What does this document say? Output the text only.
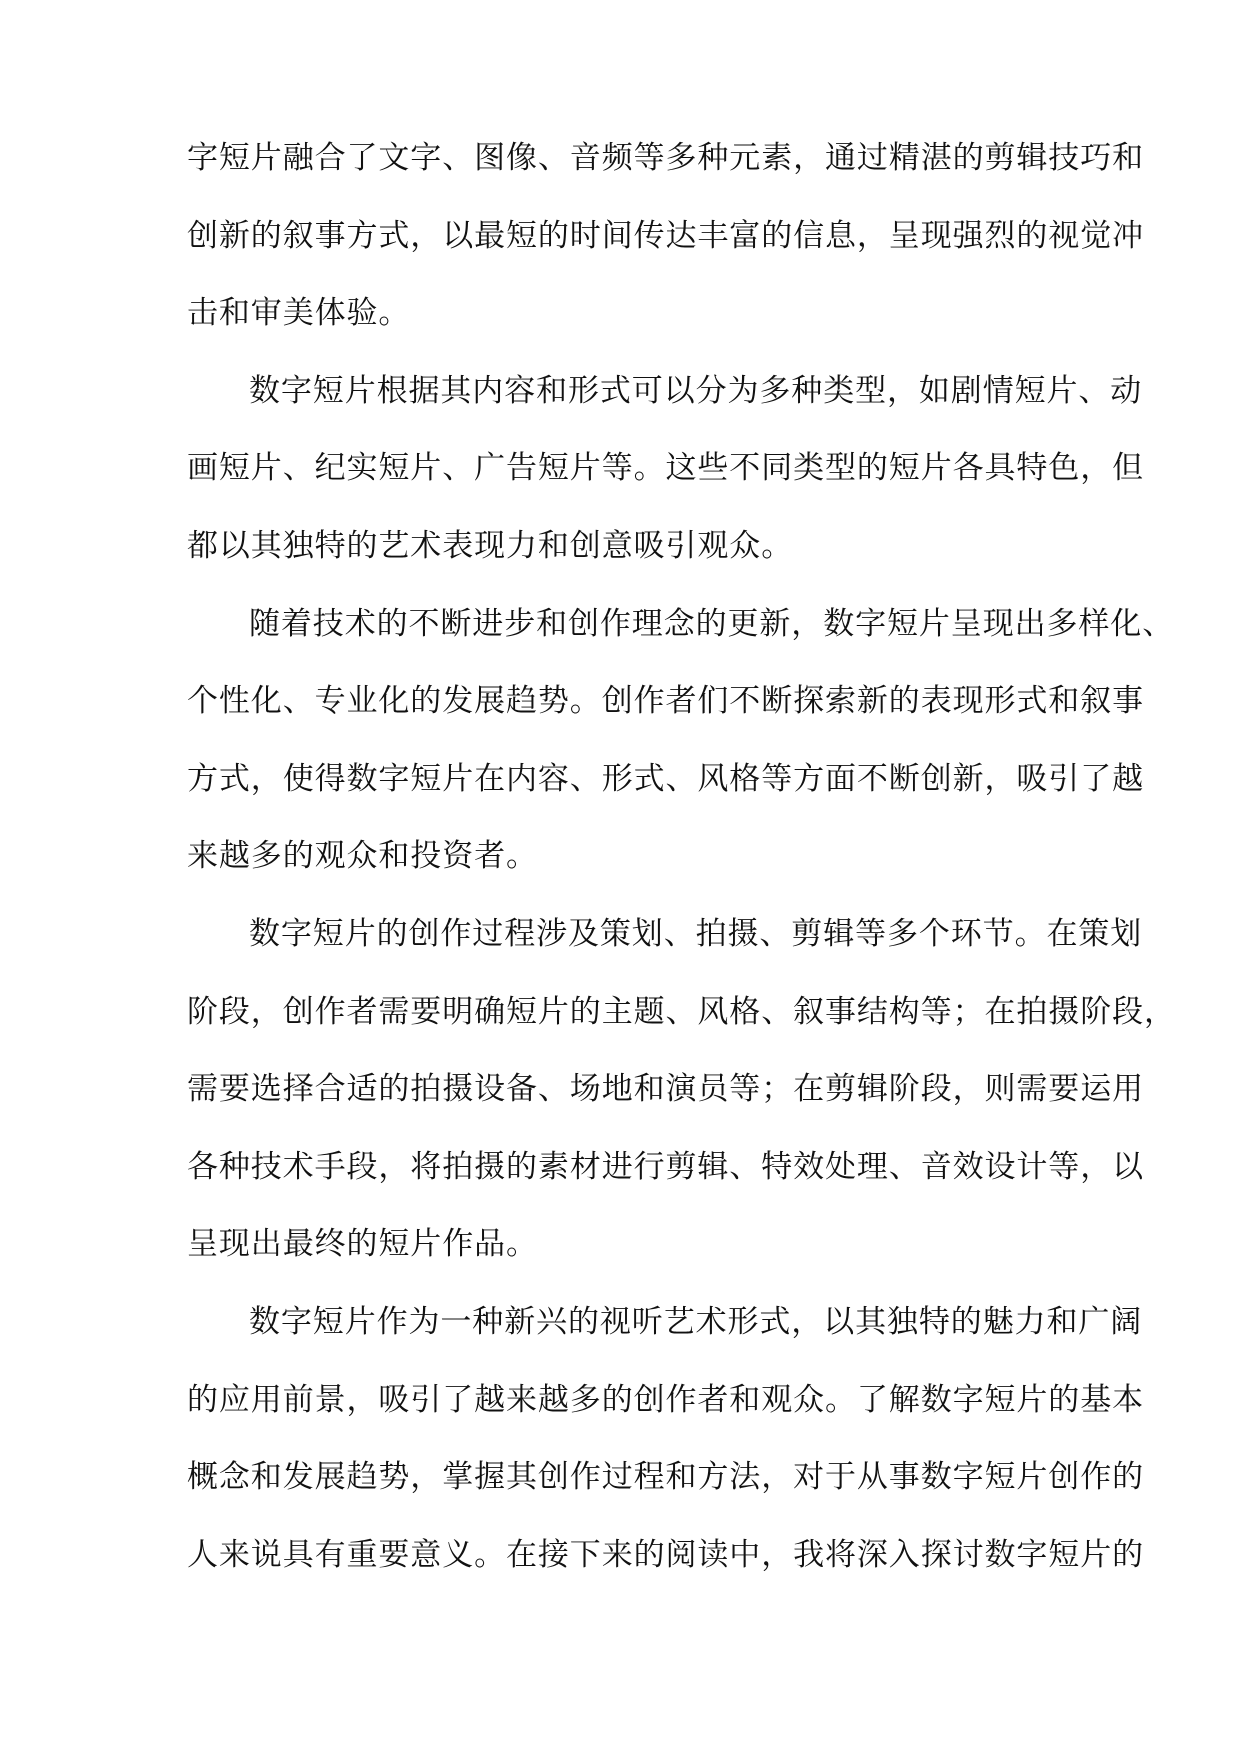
字短片融合了文字、图像、音频等多种元素，通过精湛的剪辑技巧和
创新的叙事方式，以最短的时间传达丰富的信息，呈现强烈的视觉冲
击和审美体验。
数字短片根据其内容和形式可以分为多种类型，如剧情短片、动
画短片、纪实短片、广告短片等。这些不同类型的短片各具特色，但
都以其独特的艺术表现力和创意吸引观众。
随着技术的不断进步和创作理念的更新，数字短片呈现出多样化、
个性化、专业化的发展趋势。创作者们不断探索新的表现形式和叙事
方式，使得数字短片在内容、形式、风格等方面不断创新，吸引了越
来越多的观众和投资者。
数字短片的创作过程涉及策划、拍摄、剪辑等多个环节。在策划
阶段，创作者需要明确短片的主题、风格、叙事结构等；在拍摄阶段，
需要选择合适的拍摄设备、场地和演员等；在剪辑阶段，则需要运用
各种技术手段，将拍摄的素材进行剪辑、特效处理、音效设计等，以
呈现出最终的短片作品。
数字短片作为一种新兴的视听艺术形式，以其独特的魅力和广阔
的应用前景，吸引了越来越多的创作者和观众。了解数字短片的基本
概念和发展趋势，掌握其创作过程和方法，对于从事数字短片创作的
人来说具有重要意义。在接下来的阅读中，我将深入探讨数字短片的
